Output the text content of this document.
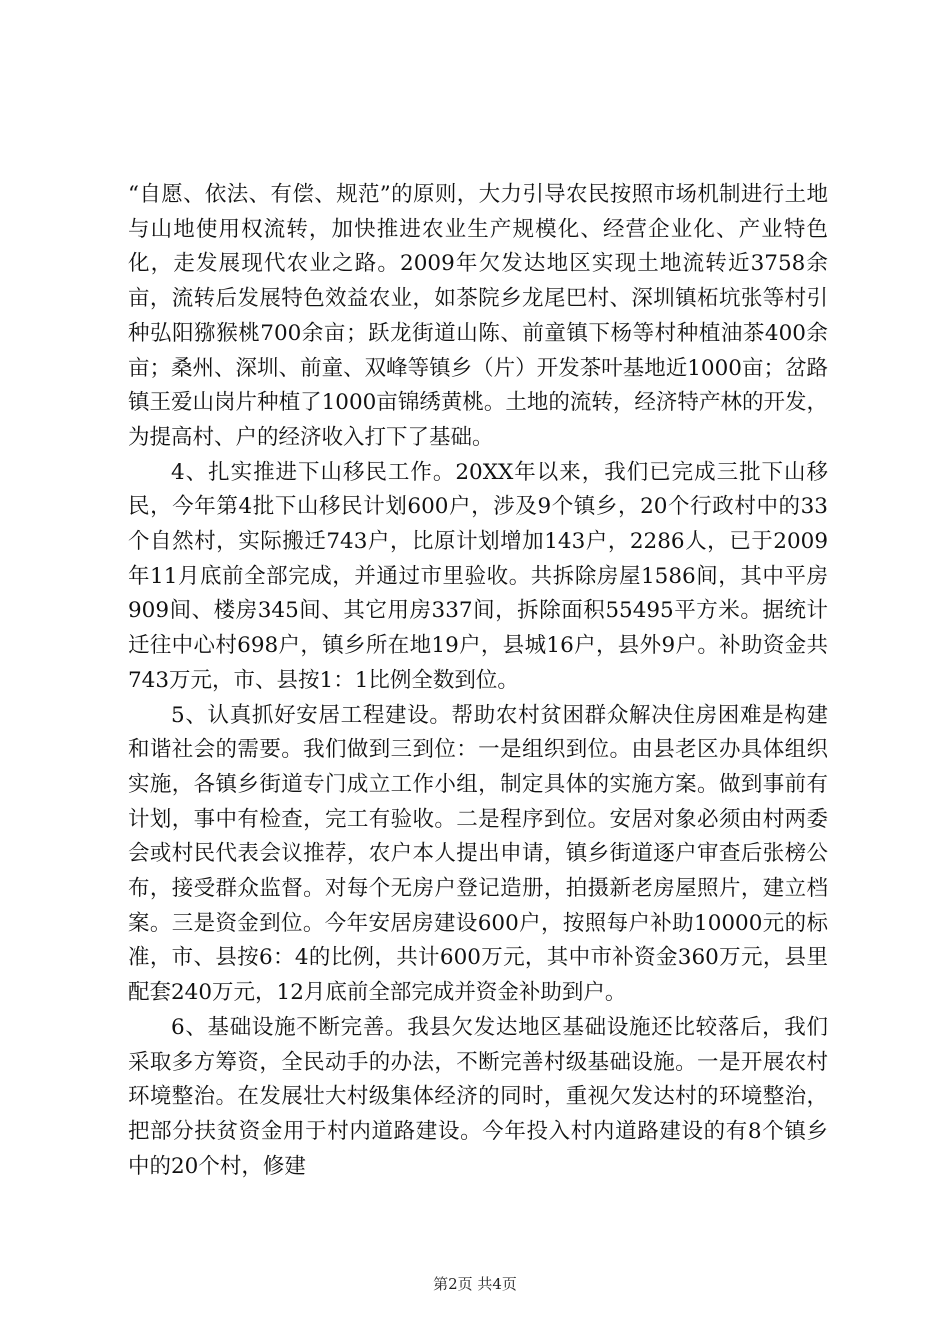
“自愿、依法、有偿、规范”的原则，大力引导农民按照市场机制进行土地与山地使用权流转，加快推进农业生产规模化、经营企业化、产业特色化，走发展现代农业之路。2009年欠发达地区实现土地流转近3758余亩，流转后发展特色效益农业，如茶院乡龙尾巴村、深圳镇柘坑张等村引种弘阳猕猴桃700余亩；跃龙街道山陈、前童镇下杨等村种植油茶400余亩；桑州、深圳、前童、双峰等镇乡（片）开发茶叶基地近1000亩；岔路镇王爱山岗片种植了1000亩锦绣黄桃。土地的流转，经济特产林的开发，为提高村、户的经济收入打下了基础。

4、扎实推进下山移民工作。20XX年以来，我们已完成三批下山移民，今年第4批下山移民计划600户，涉及9个镇乡，20个行政村中的33个自然村，实际搬迁743户，比原计划增加143户，2286人，已于2009年11月底前全部完成，并通过市里验收。共拆除房屋1586间，其中平房909间、楼房345间、其它用房337间，拆除面积55495平方米。据统计迁往中心村698户，镇乡所在地19户，县城16户，县外9户。补助资金共743万元，市、县按1：1比例全数到位。

5、认真抓好安居工程建设。帮助农村贫困群众解决住房困难是构建和谐社会的需要。我们做到三到位：一是组织到位。由县老区办具体组织实施，各镇乡街道专门成立工作小组，制定具体的实施方案。做到事前有计划，事中有检查，完工有验收。二是程序到位。安居对象必须由村两委会或村民代表会议推荐，农户本人提出申请，镇乡街道逐户审查后张榜公布，接受群众监督。对每个无房户登记造册，拍摄新老房屋照片，建立档案。三是资金到位。今年安居房建设600户，按照每户补助10000元的标准，市、县按6：4的比例，共计600万元，其中市补资金360万元，县里配套240万元，12月底前全部完成并资金补助到户。

6、基础设施不断完善。我县欠发达地区基础设施还比较落后，我们采取多方筹资，全民动手的办法，不断完善村级基础设施。一是开展农村环境整治。在发展壮大村级集体经济的同时，重视欠发达村的环境整治，把部分扶贫资金用于村内道路建设。今年投入村内道路建设的有8个镇乡中的20个村，修建

第2页 共4页
